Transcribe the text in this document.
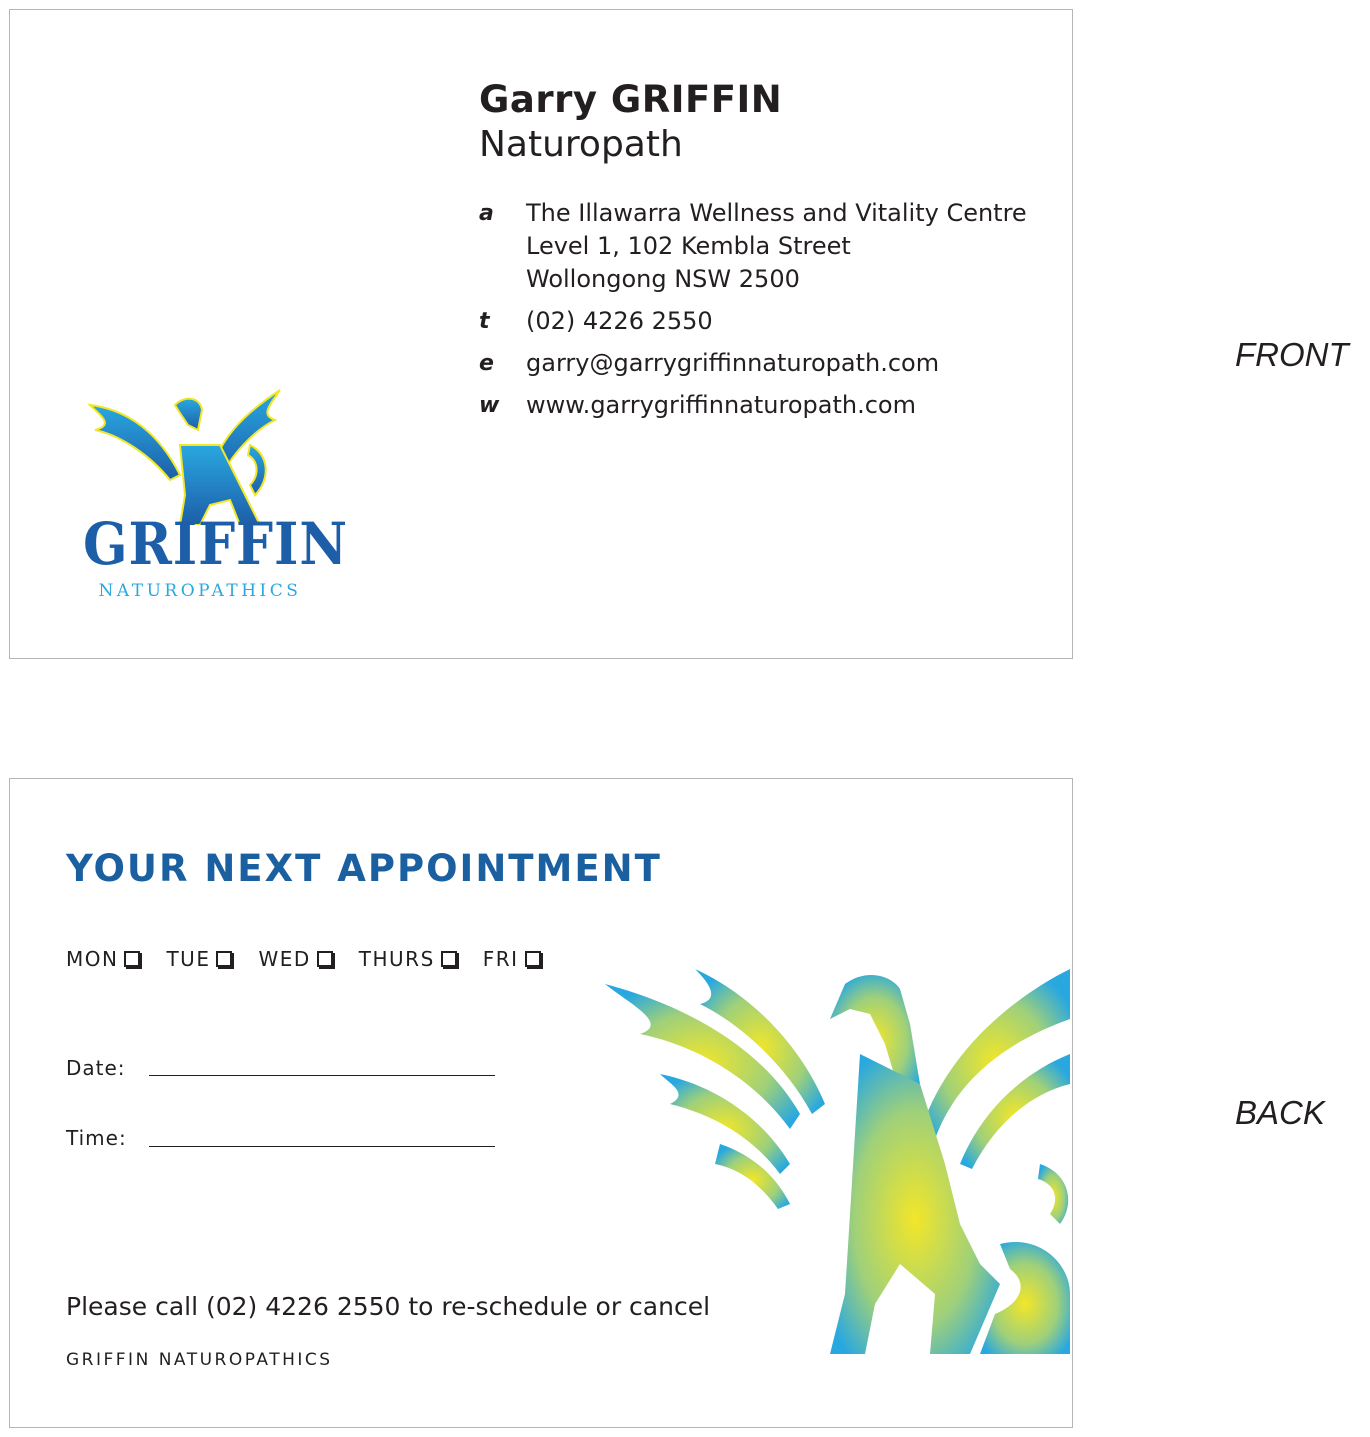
Garry GRIFFIN
Naturopath
a The Illawarra Wellness and Vitality Centre
Level 1, 102 Kembla Street
Wollongong NSW 2500
t (02) 4226 2550
e garry@garrygriffinnaturopath.com
w www.garrygriffinnaturopath.com
GRIFFIN
NATUROPATHICS
FRONT
YOUR NEXT APPOINTMENT
MON TUE WED THURS FRI
Date:
Time:
Please call (02) 4226 2550 to re-schedule or cancel
GRIFFIN NATUROPATHICS
BACK
